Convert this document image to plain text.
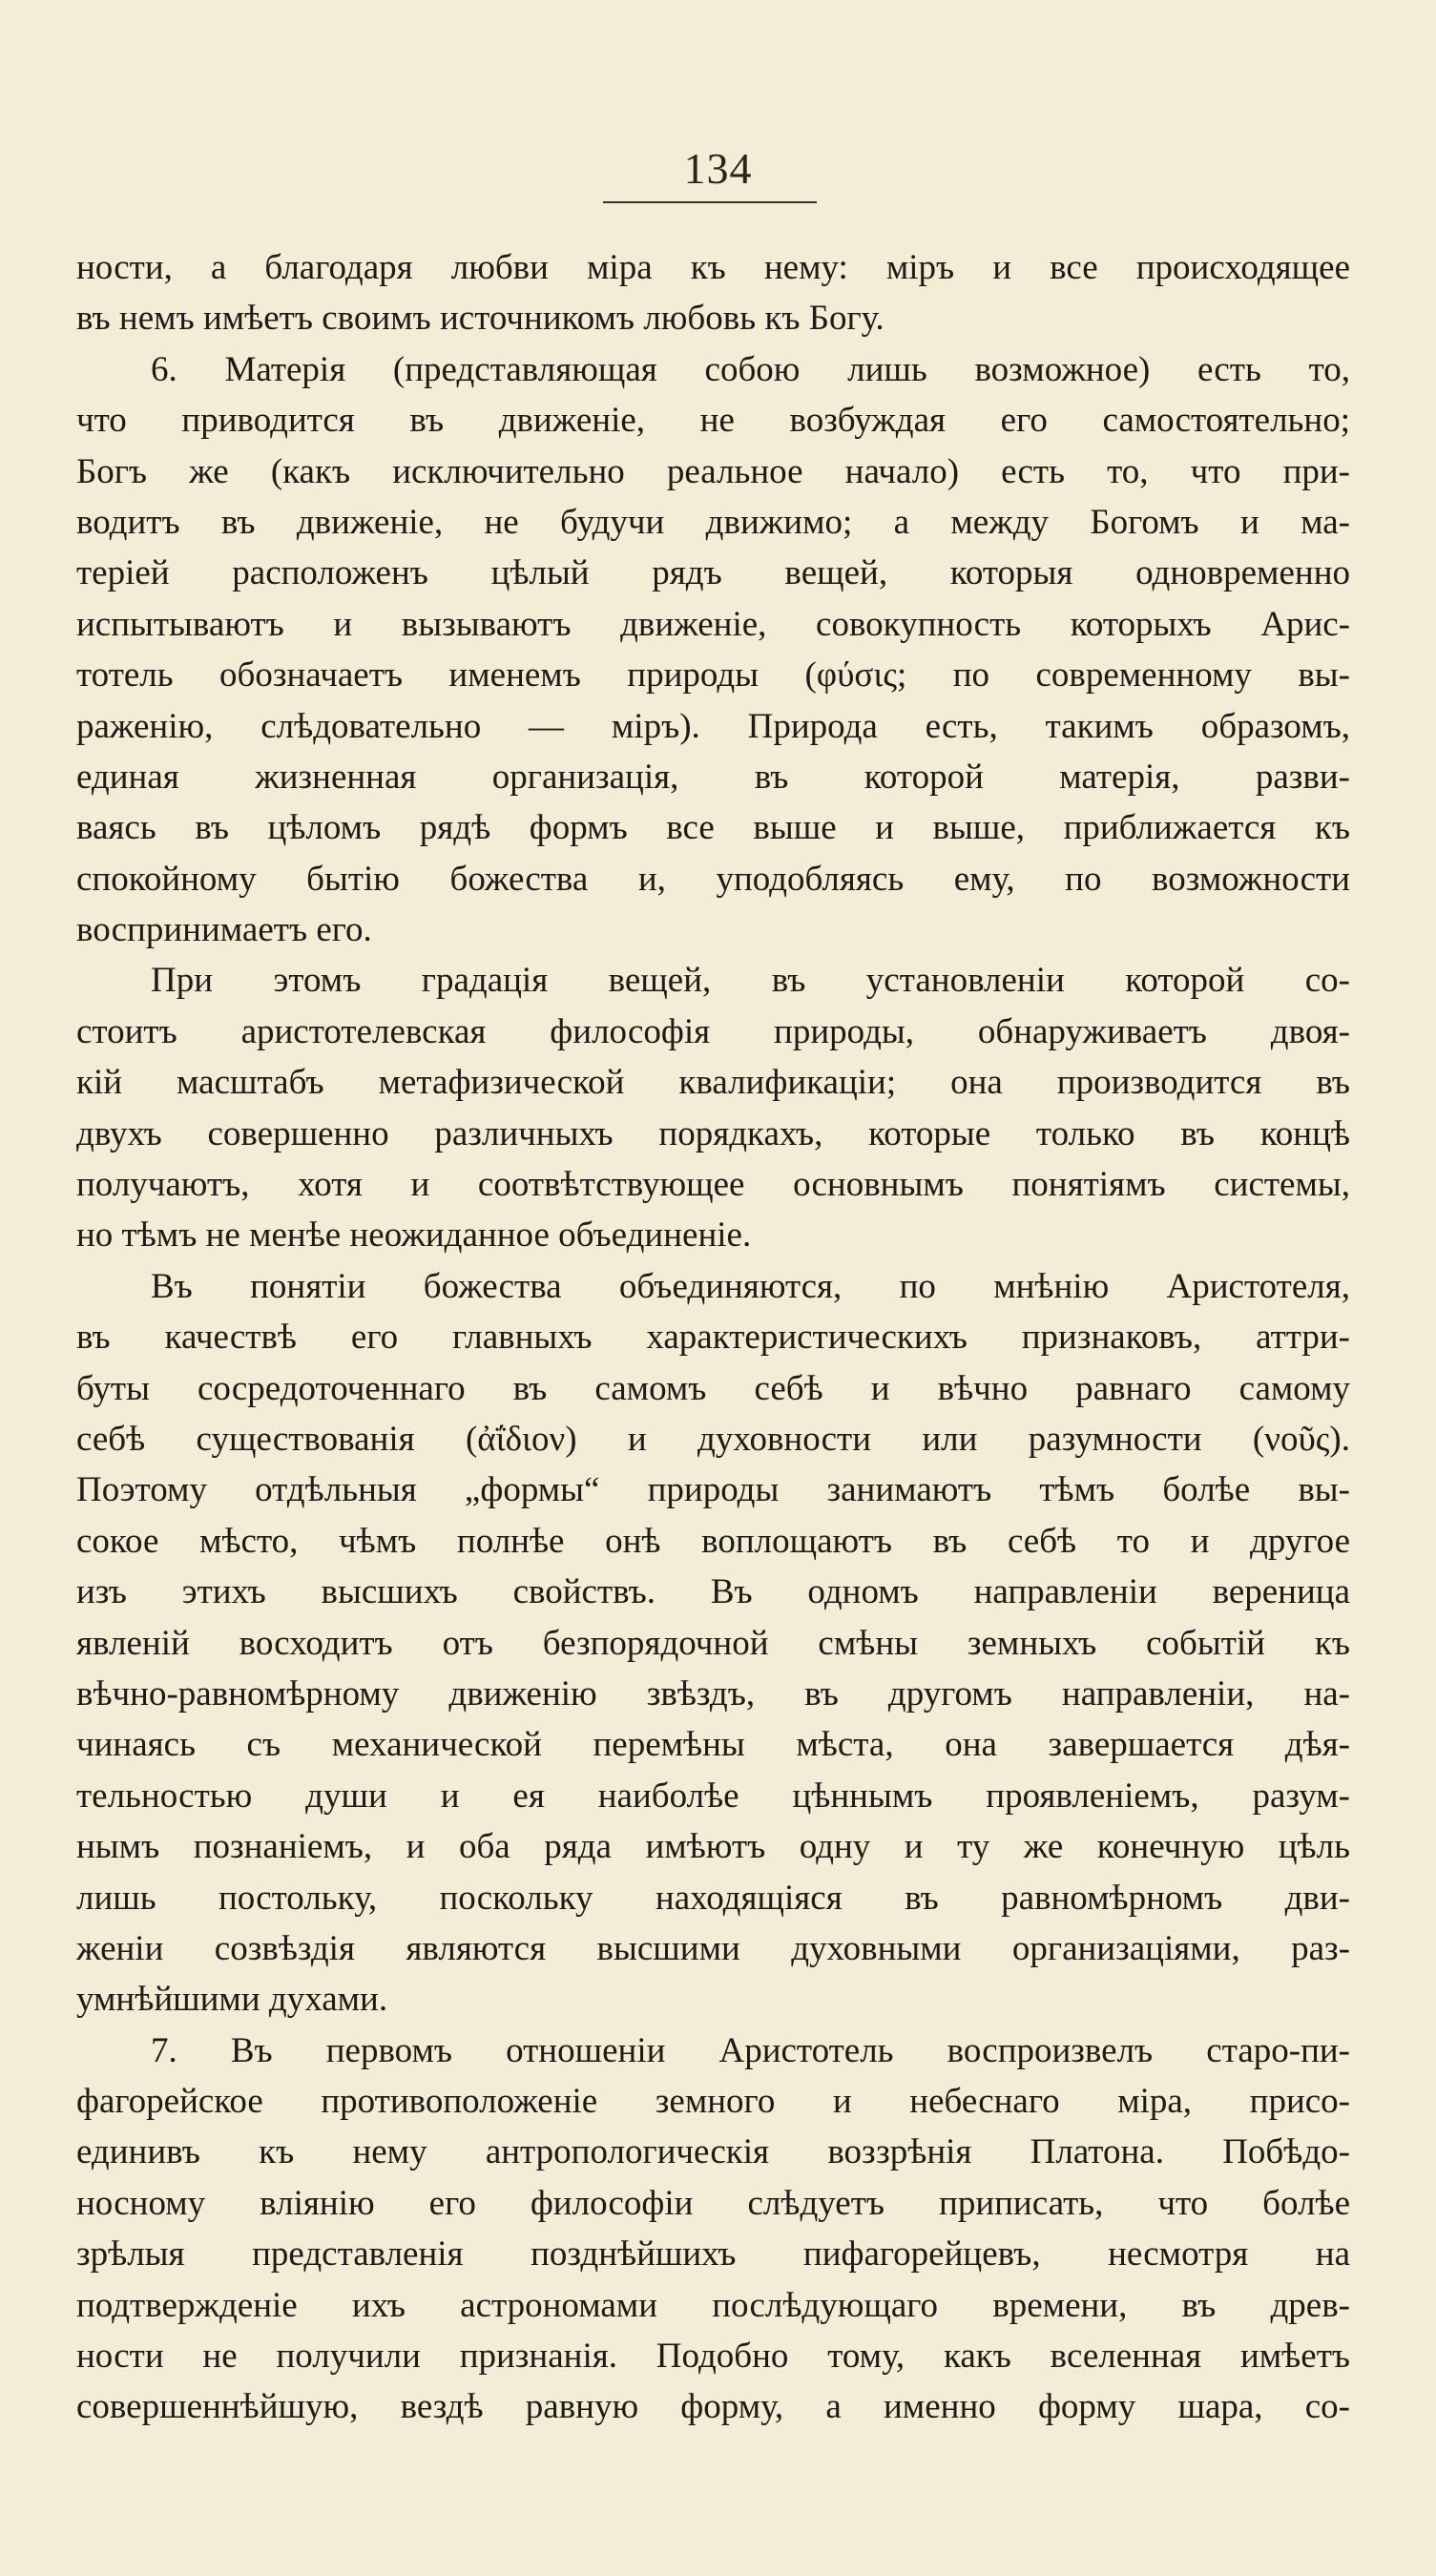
134
ности, а благодаря любви міра къ нему: міръ и все происходящее
въ немъ имѣетъ своимъ источникомъ любовь къ Богу.
6. Матерія (представляющая собою лишь возможное) есть то,
что приводится въ движеніе, не возбуждая его самостоятельно;
Богъ же (какъ исключительно реальное начало) есть то, что при-
водитъ въ движеніе, не будучи движимо; а между Богомъ и ма-
теріей расположенъ цѣлый рядъ вещей, которыя одновременно
испытываютъ и вызываютъ движеніе, совокупность которыхъ Арис-
тотель обозначаетъ именемъ природы (φύσις; по современному вы-
раженію, слѣдовательно — міръ). Природа есть, такимъ образомъ,
единая жизненная организація, въ которой матерія, разви-
ваясь въ цѣломъ рядѣ формъ все выше и выше, приближается къ
спокойному бытію божества и, уподобляясь ему, по возможности
воспринимаетъ его.
При этомъ градація вещей, въ установленіи которой со-
стоитъ аристотелевская философія природы, обнаруживаетъ двоя-
кій масштабъ метафизической квалификаціи; она производится въ
двухъ совершенно различныхъ порядкахъ, которые только въ концѣ
получаютъ, хотя и соотвѣтствующее основнымъ понятіямъ системы,
но тѣмъ не менѣе неожиданное объединеніе.
Въ понятіи божества объединяются, по мнѣнію Аристотеля,
въ качествѣ его главныхъ характеристическихъ признаковъ, аттри-
буты сосредоточеннаго въ самомъ себѣ и вѣчно равнаго самому
себѣ существованія (ἀΐδιον) и духовности или разумности (νοῦς).
Поэтому отдѣльныя „формы“ природы занимаютъ тѣмъ болѣе вы-
сокое мѣсто, чѣмъ полнѣе онѣ воплощаютъ въ себѣ то и другое
изъ этихъ высшихъ свойствъ. Въ одномъ направленіи вереница
явленій восходитъ отъ безпорядочной смѣны земныхъ событій къ
вѣчно-равномѣрному движенію звѣздъ, въ другомъ направленіи, на-
чинаясь съ механической перемѣны мѣста, она завершается дѣя-
тельностью души и ея наиболѣе цѣннымъ проявленіемъ, разум-
нымъ познаніемъ, и оба ряда имѣютъ одну и ту же конечную цѣль
лишь постольку, поскольку находящіяся въ равномѣрномъ дви-
женіи созвѣздія являются высшими духовными организаціями, раз-
умнѣйшими духами.
7. Въ первомъ отношеніи Аристотель воспроизвелъ старо-пи-
фагорейское противоположеніе земного и небеснаго міра, присо-
единивъ къ нему антропологическія воззрѣнія Платона. Побѣдо-
носному вліянію его философіи слѣдуетъ приписать, что болѣе
зрѣлыя представленія позднѣйшихъ пифагорейцевъ, несмотря на
подтвержденіе ихъ астрономами послѣдующаго времени, въ древ-
ности не получили признанія. Подобно тому, какъ вселенная имѣетъ
совершеннѣйшую, вездѣ равную форму, а именно форму шара, со-
